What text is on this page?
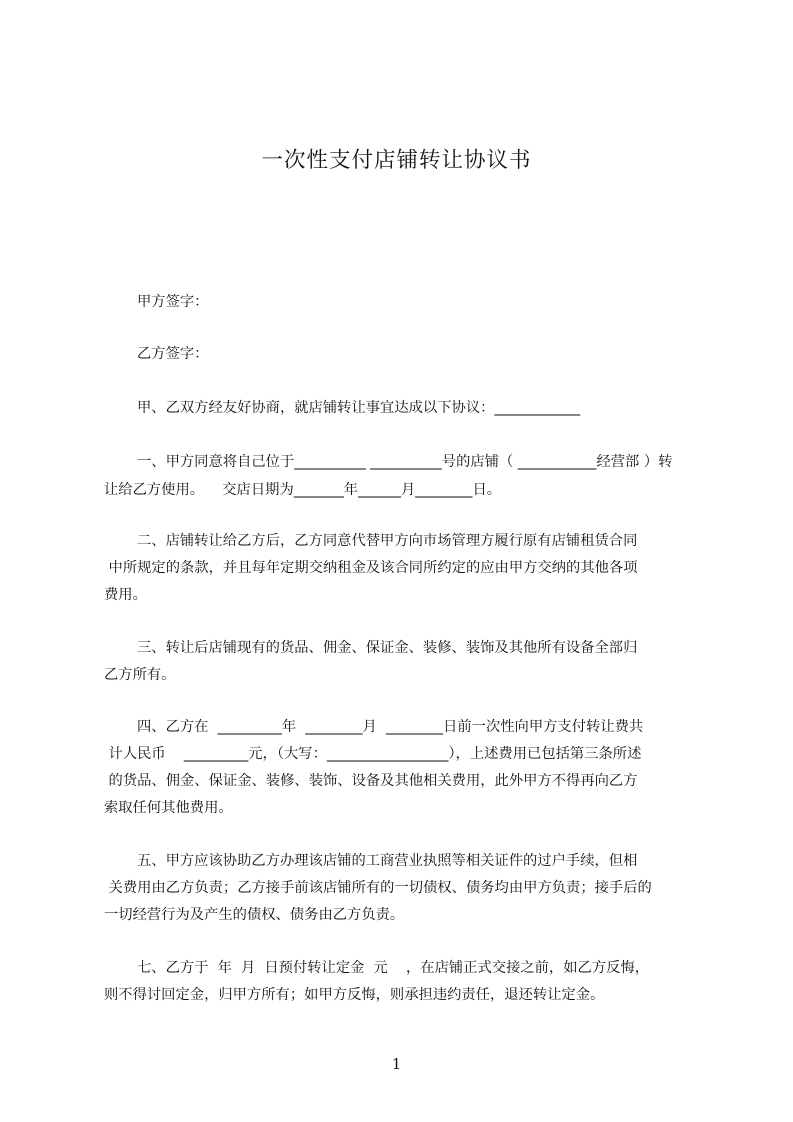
一次性支付店铺转让协议书
甲方签字：
乙方签字：
甲、乙双方经友好协商，就店铺转让事宜达成以下协议：____________
一、甲方同意将自己位于__________ __________号的店铺（ ___________经营部 ）转
让给乙方使用。    交店日期为_______年______月________日。
二、店铺转让给乙方后，乙方同意代替甲方向市场管理方履行原有店铺租赁合同
中所规定的条款，并且每年定期交纳租金及该合同所约定的应由甲方交纳的其他各项
费用。
三、转让后店铺现有的货品、佣金、保证金、装修、装饰及其他所有设备全部归
乙方所有。
四、乙方在  _________年  ________月  ________日前一次性向甲方支付转让费共
计人民币    _________元，（大写：_________________），上述费用已包括第三条所述
的货品、佣金、保证金、装修、装饰、设备及其他相关费用，此外甲方不得再向乙方
索取任何其他费用。
五、甲方应该协助乙方办理该店铺的工商营业执照等相关证件的过户手续，但相
关费用由乙方负责；乙方接手前该店铺所有的一切债权、债务均由甲方负责；接手后的
一切经营行为及产生的债权、债务由乙方负责。
七、乙方于  年  月  日预付转让定金  元    ，在店铺正式交接之前，如乙方反悔，
则不得讨回定金，归甲方所有；如甲方反悔，则承担违约责任，退还转让定金。
1
